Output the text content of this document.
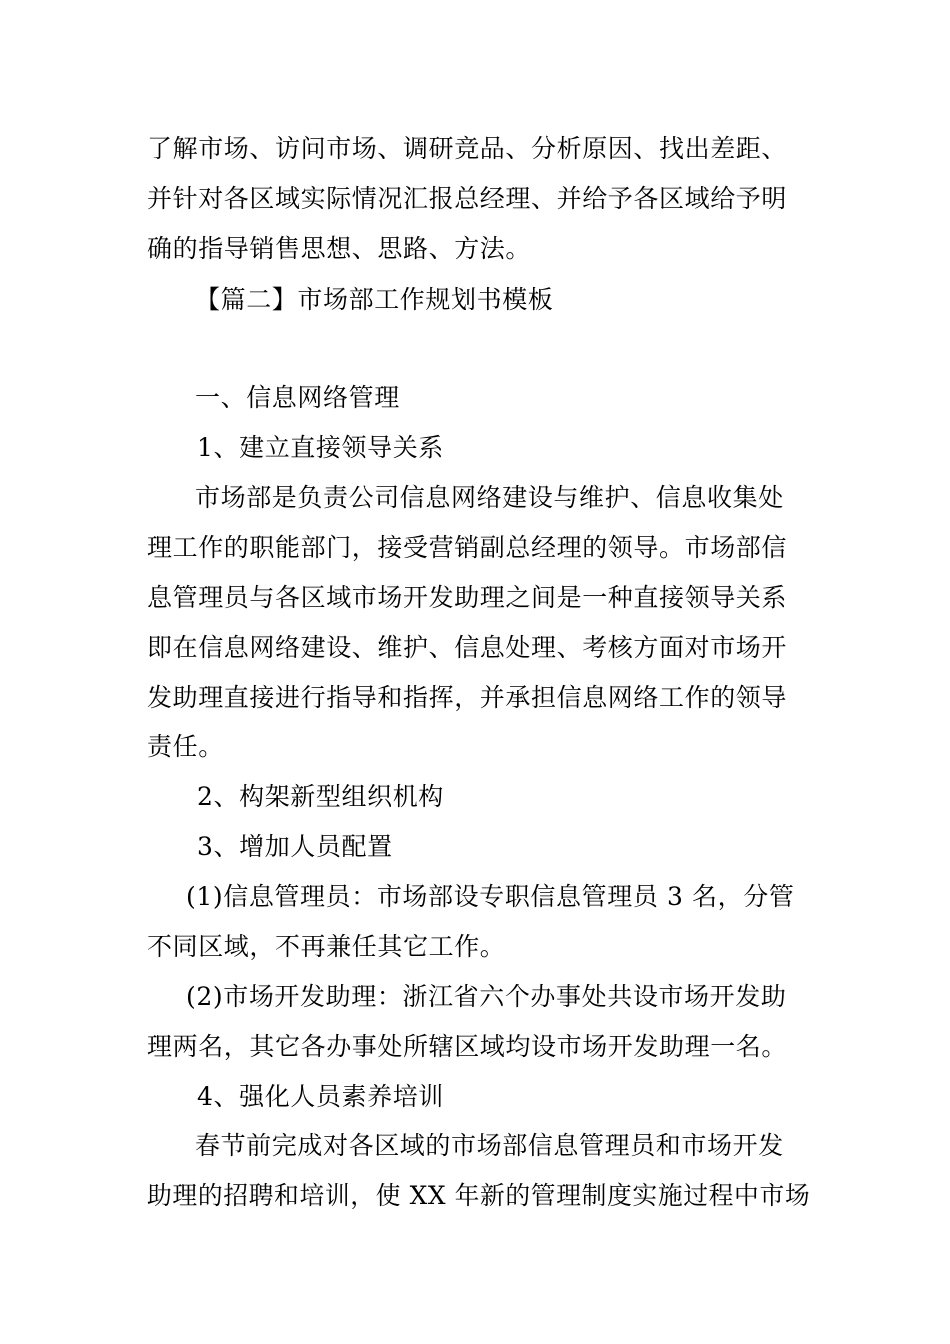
了解市场、访问市场、调研竞品、分析原因、找出差距、
并针对各区域实际情况汇报总经理、并给予各区域给予明
确的指导销售思想、思路、方法。
【篇二】市场部工作规划书模板
一、信息网络管理
1、建立直接领导关系
市场部是负责公司信息网络建设与维护、信息收集处
理工作的职能部门，接受营销副总经理的领导。市场部信
息管理员与各区域市场开发助理之间是一种直接领导关系
即在信息网络建设、维护、信息处理、考核方面对市场开
发助理直接进行指导和指挥，并承担信息网络工作的领导
责任。
2、构架新型组织机构
3、增加人员配置
(1)信息管理员：市场部设专职信息管理员 3 名，分管
不同区域，不再兼任其它工作。
(2)市场开发助理：浙江省六个办事处共设市场开发助
理两名，其它各办事处所辖区域均设市场开发助理一名。
4、强化人员素养培训
春节前完成对各区域的市场部信息管理员和市场开发
助理的招聘和培训，使 XX 年新的管理制度实施过程中市场
